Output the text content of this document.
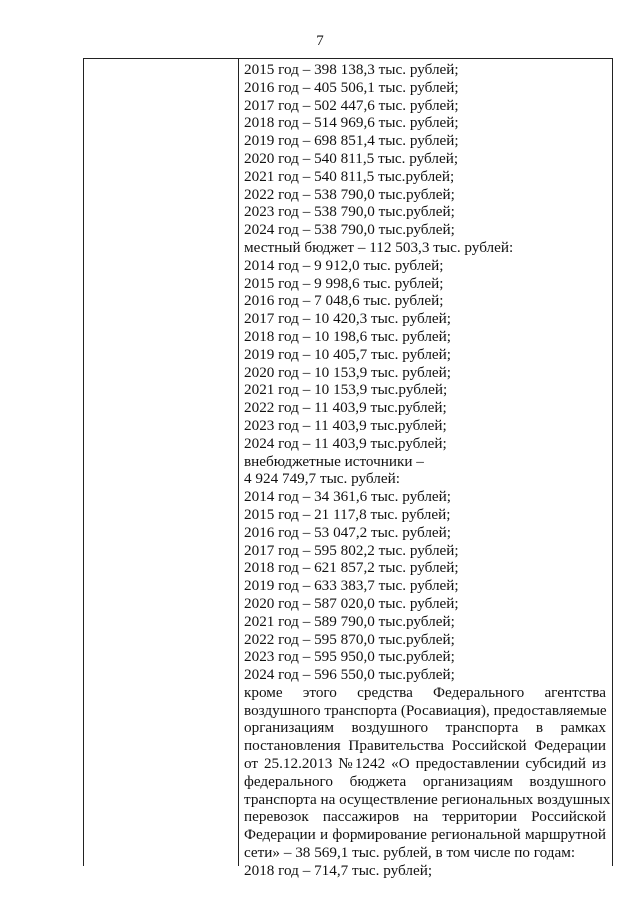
7
2015 год – 398 138,3 тыс. рублей;
2016 год – 405 506,1 тыс. рублей;
2017 год – 502 447,6 тыс. рублей;
2018 год – 514 969,6 тыс. рублей;
2019 год – 698 851,4 тыс. рублей;
2020 год – 540 811,5 тыс. рублей;
2021 год – 540 811,5 тыс.рублей;
2022 год – 538 790,0 тыс.рублей;
2023 год – 538 790,0 тыс.рублей;
2024 год – 538 790,0 тыс.рублей;
местный бюджет – 112 503,3 тыс. рублей:
2014 год – 9 912,0 тыс. рублей;
2015 год – 9 998,6 тыс. рублей;
2016 год – 7 048,6 тыс. рублей;
2017 год – 10 420,3 тыс. рублей;
2018 год – 10 198,6 тыс. рублей;
2019 год – 10 405,7 тыс. рублей;
2020 год – 10 153,9 тыс. рублей;
2021 год – 10 153,9 тыс.рублей;
2022 год – 11 403,9 тыс.рублей;
2023 год – 11 403,9 тыс.рублей;
2024 год – 11 403,9 тыс.рублей;
внебюджетные источники –
4 924 749,7 тыс. рублей:
2014 год – 34 361,6 тыс. рублей;
2015 год – 21 117,8 тыс. рублей;
2016 год – 53 047,2 тыс. рублей;
2017 год – 595 802,2 тыс. рублей;
2018 год – 621 857,2 тыс. рублей;
2019 год – 633 383,7 тыс. рублей;
2020 год – 587 020,0 тыс. рублей;
2021 год – 589 790,0 тыс.рублей;
2022 год – 595 870,0 тыс.рублей;
2023 год – 595 950,0 тыс.рублей;
2024 год – 596 550,0 тыс.рублей;
кроме этого средства Федерального агентства
воздушного транспорта (Росавиация), предоставляемые
организациям воздушного транспорта в рамках
постановления Правительства Российской Федерации
от 25.12.2013 №1242 «О предоставлении субсидий из
федерального бюджета организациям воздушного
транспорта на осуществление региональных воздушных
перевозок пассажиров на территории Российской
Федерации и формирование региональной маршрутной
сети» – 38 569,1 тыс. рублей, в том числе по годам:
2018 год – 714,7 тыс. рублей;
